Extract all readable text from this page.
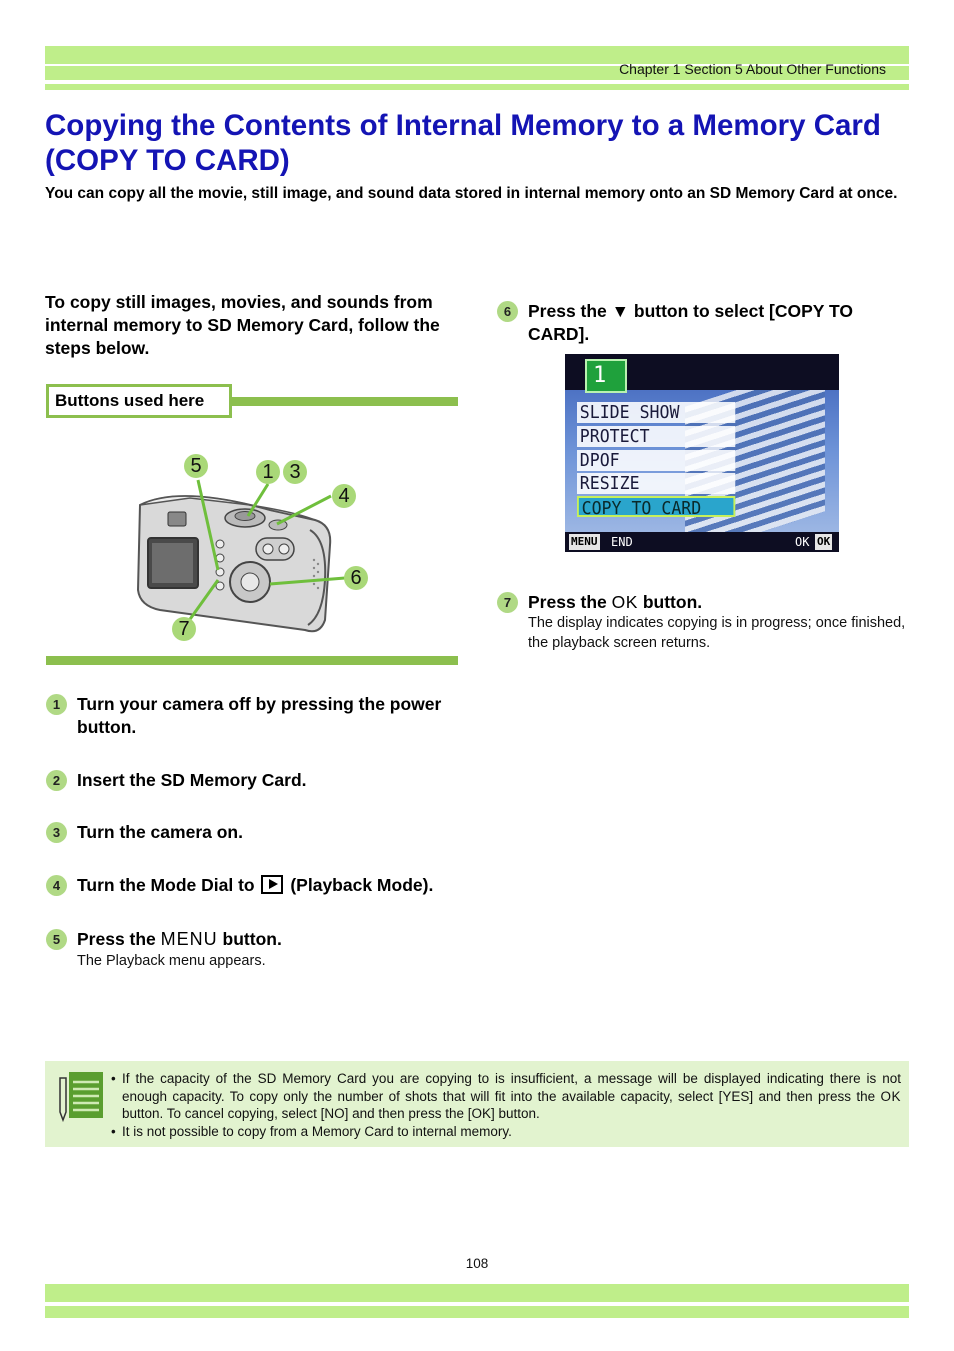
Chapter 1 Section 5 About Other Functions
Copying the Contents of Internal Memory to a Memory Card (COPY TO CARD)

You can copy all the movie, still image, and sound data stored in internal memory onto an SD Memory Card at once.

To copy still images, movies, and sounds from internal memory to SD Memory Card, follow the steps below.

Buttons used here
5	1 3
4
6
7
1 Turn your camera off by pressing the power button.
2 Insert the SD Memory Card.
3 Turn the camera on.
4 Turn the Mode Dial to (Playback Mode).
5 Press the MENU button.
The Playback menu appears.
6 Press the ▼ button to select [COPY TO CARD].
1
SLIDE SHOW
PROTECT
DPOF
RESIZE
COPY TO CARD
MENU END	OK OK
7 Press the OK button.
The display indicates copying is in progress; once finished, the playback screen returns.
• If the capacity of the SD Memory Card you are copying to is insufficient, a message will be displayed indicating there is not enough capacity. To copy only the number of shots that will fit into the available capacity, select [YES] and then press the OK button. To cancel copying, select [NO] and then press the [OK] button.
• It is not possible to copy from a Memory Card to internal memory.
108
